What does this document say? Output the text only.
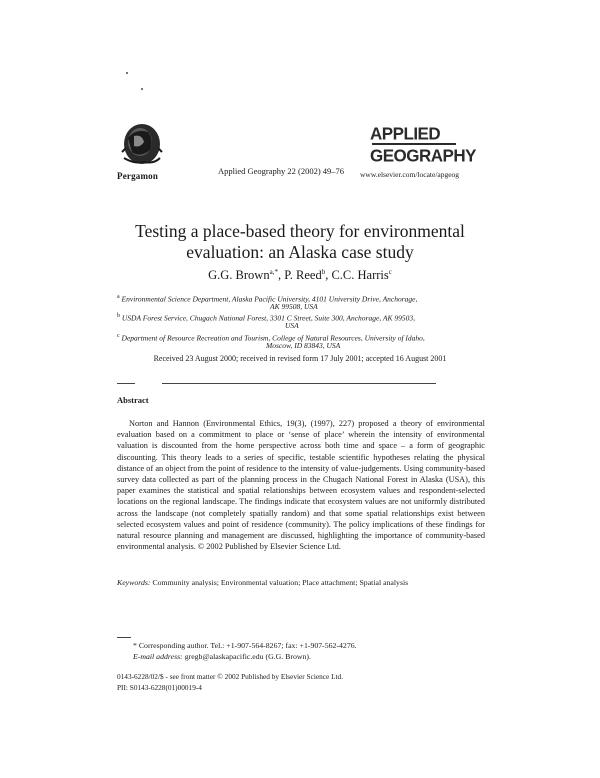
Pergamon	Applied Geography 22 (2002) 49–76
APPLIED
GEOGRAPHY
www.elsevier.com/locate/apgeog
Testing a place-based theory for environmental
evaluation: an Alaska case study
G.G. Brown$^{a,*}$, P. Reed$^b$, C.C. Harris$^c$
$^a$ Environmental Science Department, Alaska Pacific University, 4101 University Drive, Anchorage,
AK 99508, USA
$^b$ USDA Forest Service, Chugach National Forest, 3301 C Street, Suite 300, Anchorage, AK 99503,
USA
$^c$ Department of Resource Recreation and Tourism, College of Natural Resources, University of Idaho,
Moscow, ID 83843, USA
Received 23 August 2000; received in revised form 17 July 2001; accepted 16 August 2001
Abstract
Norton and Hannon (Environmental Ethics, 19(3), (1997), 227) proposed a theory of environmental evaluation based on a commitment to place or ‘sense of place’ wherein the intensity of environmental valuation is discounted from the home perspective across both time and space – a form of geographic discounting. This theory leads to a series of specific, testable scientific hypotheses relating the physical distance of an object from the point of residence to the intensity of value-judgements. Using community-based survey data collected as part of the planning process in the Chugach National Forest in Alaska (USA), this paper examines the statistical and spatial relationships between ecosystem values and respondent-selected locations on the regional landscape. The findings indicate that ecosystem values are not uniformly distributed across the landscape (not completely spatially random) and that some spatial relationships exist between selected ecosystem values and point of residence (community). The policy implications of these findings for natural resource planning and management are discussed, highlighting the importance of community-based environmental analysis. © 2002 Published by Elsevier Science Ltd.
Keywords: Community analysis; Environmental valuation; Place attachment; Spatial analysis
* Corresponding author. Tel.: +1-907-564-8267; fax: +1-907-562-4276.
E-mail address: gregb@alaskapacific.edu (G.G. Brown).
0143-6228/02/$ - see front matter © 2002 Published by Elsevier Science Ltd.
PII: S0143-6228(01)00019-4
